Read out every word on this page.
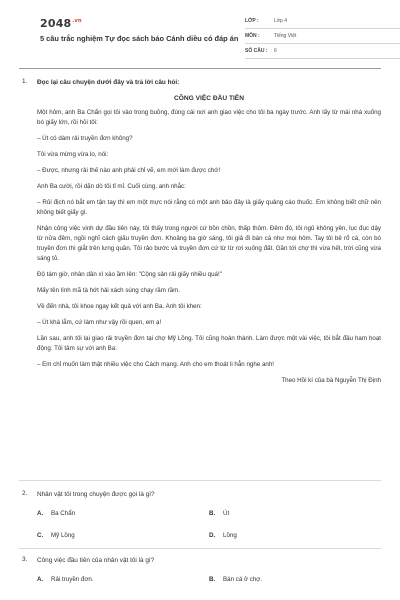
$2048^{.vn}$
5 câu trắc nghiệm Tự đọc sách báo Cánh diều có đáp án
LỚP :	Lớp 4
MÔN :	Tiếng Việt
SỐ CÂU :	6
1. Đọc lại câu chuyện dưới đây và trả lời câu hỏi:
CÔNG VIỆC ĐẦU TIÊN
Một hôm, anh Ba Chẩn gọi tôi vào trong buồng, đúng cái nơi anh giao việc cho tôi ba ngày trước. Anh lấy từ mái nhà xuống bó giấy lớn, rồi hỏi tôi:
– Út có dám rải truyền đơn không?
Tôi vừa mừng vừa lo, nói:
– Được, nhưng rải thế nào anh phải chỉ vẽ, em mới làm được chớ!
Anh Ba cười, rồi dặn dò tôi tỉ mỉ. Cuối cùng, anh nhắc:
– Rủi địch nó bắt em tận tay thì em một mực nói rằng có một anh bảo đây là giấy quảng cáo thuốc. Em không biết chữ nên không biết giấy gì.
Nhận công việc vinh dự đầu tiên này, tôi thấy trong người cứ bồn chồn, thấp thỏm. Đêm đó, tôi ngủ không yên, lục đục dậy từ nửa đêm, ngồi nghĩ cách giấu truyền đơn. Khoảng ba giờ sáng, tôi giả đi bán cá như mọi hôm. Tay tôi bê rổ cá, còn bó truyền đơn thì giắt trên lưng quần. Tôi rảo bước và truyền đơn cứ từ từ rơi xuống đất. Gần tới chợ thì vừa hết, trời cũng vừa sáng tỏ.
Độ tám giờ, nhân dân xì xào ầm lên: "Cộng sản rải giấy nhiều quá!"
Mấy tên lính mã tà hớt hải xách súng chạy rầm rầm.
Về đến nhà, tôi khoe ngay kết quả với anh Ba. Anh tôi khen:
– Út khá lắm, cứ làm như vậy rồi quen, em ạ!
Lần sau, anh tôi lại giao rải truyền đơn tại chợ Mỹ Lồng. Tôi cũng hoàn thành. Làm được một vài việc, tôi bắt đầu ham hoạt động. Tôi tâm sự với anh Ba:
– Em chỉ muốn làm thật nhiều việc cho Cách mạng. Anh cho em thoát li hẳn nghe anh!
Theo Hồi kí của bà Nguyễn Thị Định
2. Nhân vật tôi trong chuyện được gọi là gì?
A.	Ba Chẩn	B.	Út
C.	Mỹ Lồng	D.	Lồng
3. Công việc đầu tiên của nhân vật tôi là gì?
A.	Rải truyền đơn.	B.	Bán cá ở chợ.
